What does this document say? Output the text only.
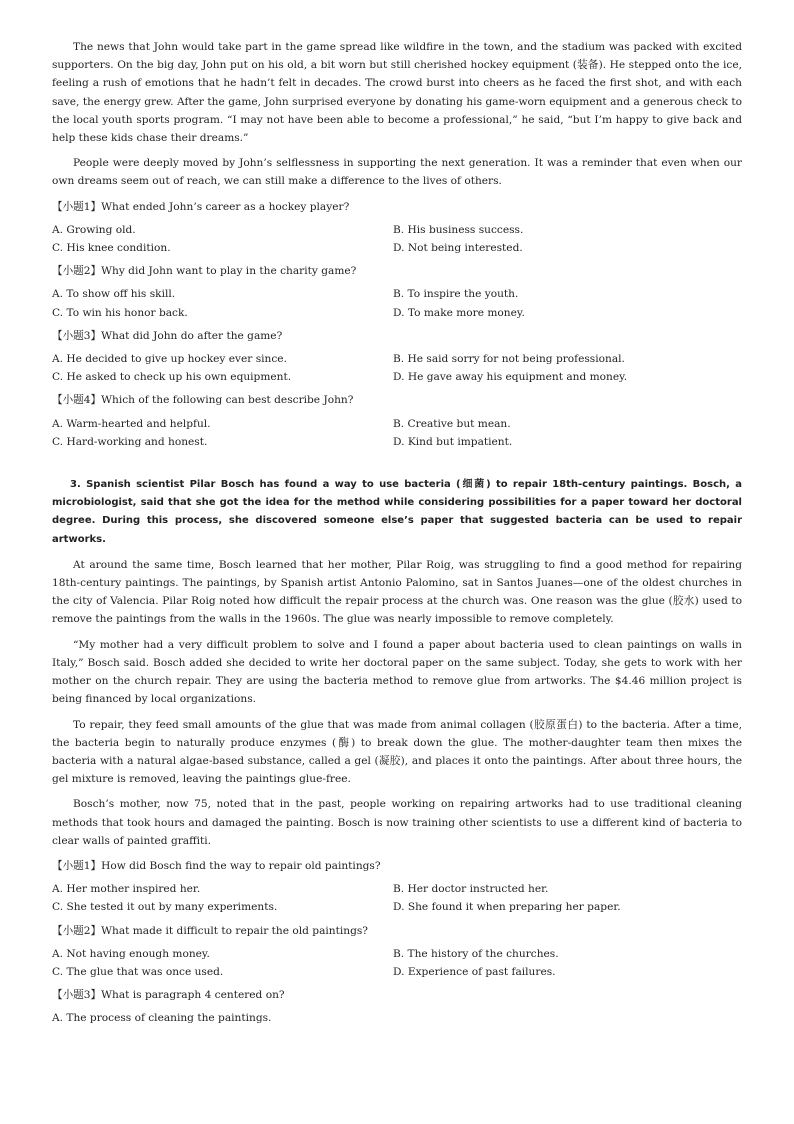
The news that John would take part in the game spread like wildfire in the town, and the stadium was packed with excited supporters. On the big day, John put on his old, a bit worn but still cherished hockey equipment (装备). He stepped onto the ice, feeling a rush of emotions that he hadn’t felt in decades. The crowd burst into cheers as he faced the first shot, and with each save, the energy grew. After the game, John surprised everyone by donating his game-worn equipment and a generous check to the local youth sports program. “I may not have been able to become a professional,” he said, “but I’m happy to give back and help these kids chase their dreams.”

People were deeply moved by John’s selflessness in supporting the next generation. It was a reminder that even when our own dreams seem out of reach, we can still make a difference to the lives of others.

【小题1】What ended John’s career as a hockey player?
A. Growing old.	B. His business success.
C. His knee condition.	D. Not being interested.
【小题2】Why did John want to play in the charity game?
A. To show off his skill.	B. To inspire the youth.
C. To win his honor back.	D. To make more money.
【小题3】What did John do after the game?
A. He decided to give up hockey ever since.	B. He said sorry for not being professional.
C. He asked to check up his own equipment.	D. He gave away his equipment and money.
【小题4】Which of the following can best describe John?
A. Warm-hearted and helpful.	B. Creative but mean.
C. Hard-working and honest.	D. Kind but impatient.

3. Spanish scientist Pilar Bosch has found a way to use bacteria (细菌) to repair 18th-century paintings. Bosch, a microbiologist, said that she got the idea for the method while considering possibilities for a paper toward her doctoral degree. During this process, she discovered someone else’s paper that suggested bacteria can be used to repair artworks.

At around the same time, Bosch learned that her mother, Pilar Roig, was struggling to find a good method for repairing 18th-century paintings. The paintings, by Spanish artist Antonio Palomino, sat in Santos Juanes—one of the oldest churches in the city of Valencia. Pilar Roig noted how difficult the repair process at the church was. One reason was the glue (胶水) used to remove the paintings from the walls in the 1960s. The glue was nearly impossible to remove completely.

“My mother had a very difficult problem to solve and I found a paper about bacteria used to clean paintings on walls in Italy,” Bosch said. Bosch added she decided to write her doctoral paper on the same subject. Today, she gets to work with her mother on the church repair. They are using the bacteria method to remove glue from artworks. The $4.46 million project is being financed by local organizations.

To repair, they feed small amounts of the glue that was made from animal collagen (胶原蛋白) to the bacteria. After a time, the bacteria begin to naturally produce enzymes (酶) to break down the glue. The mother-daughter team then mixes the bacteria with a natural algae-based substance, called a gel (凝胶), and places it onto the paintings. After about three hours, the gel mixture is removed, leaving the paintings glue-free.

Bosch’s mother, now 75, noted that in the past, people working on repairing artworks had to use traditional cleaning methods that took hours and damaged the painting. Bosch is now training other scientists to use a different kind of bacteria to clear walls of painted graffiti.

【小题1】How did Bosch find the way to repair old paintings?
A. Her mother inspired her.	B. Her doctor instructed her.
C. She tested it out by many experiments.	D. She found it when preparing her paper.
【小题2】What made it difficult to repair the old paintings?
A. Not having enough money.	B. The history of the churches.
C. The glue that was once used.	D. Experience of past failures.
【小题3】What is paragraph 4 centered on?
A. The process of cleaning the paintings.
